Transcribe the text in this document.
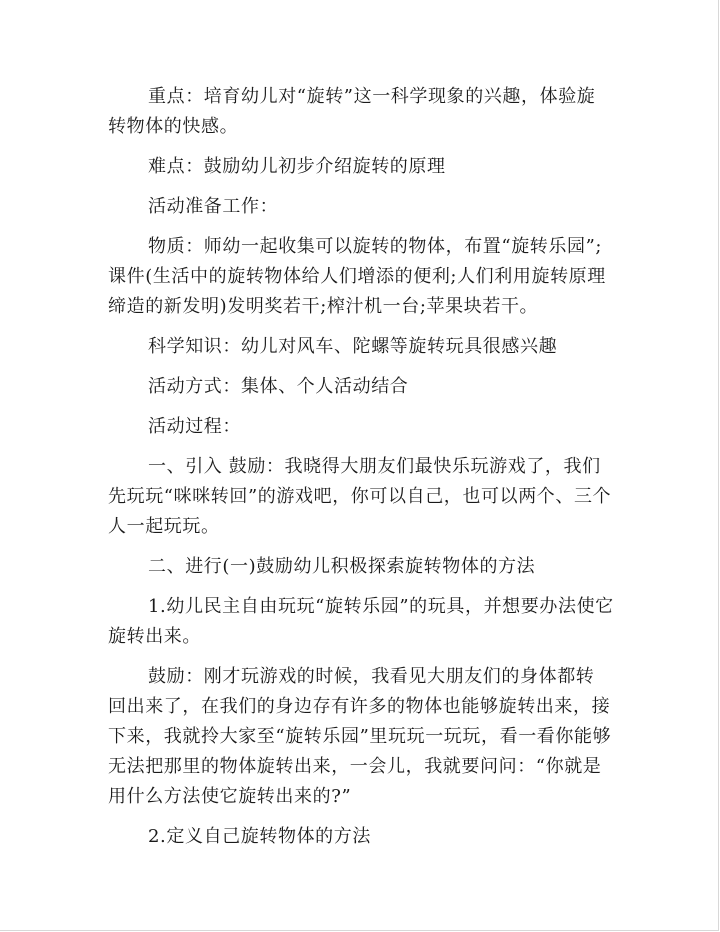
重点：培育幼儿对“旋转”这一科学现象的兴趣，体验旋
转物体的快感。

难点：鼓励幼儿初步介绍旋转的原理

活动准备工作：

物质：师幼一起收集可以旋转的物体，布置“旋转乐园”;
课件(生活中的旋转物体给人们增添的便利;人们利用旋转原理
缔造的新发明)发明奖若干;榨汁机一台;苹果块若干。

科学知识：幼儿对风车、陀螺等旋转玩具很感兴趣

活动方式：集体、个人活动结合

活动过程：

一、引入 鼓励：我晓得大朋友们最快乐玩游戏了，我们
先玩玩“咪咪转回”的游戏吧，你可以自己，也可以两个、三个
人一起玩玩。

二、进行(一)鼓励幼儿积极探索旋转物体的方法

1.幼儿民主自由玩玩“旋转乐园”的玩具，并想要办法使它
旋转出来。

鼓励：刚才玩游戏的时候，我看见大朋友们的身体都转
回出来了，在我们的身边存有许多的物体也能够旋转出来，接
下来，我就拎大家至“旋转乐园”里玩玩一玩玩，看一看你能够
无法把那里的物体旋转出来，一会儿，我就要问问：“你就是
用什么方法使它旋转出来的?”

2.定义自己旋转物体的方法
